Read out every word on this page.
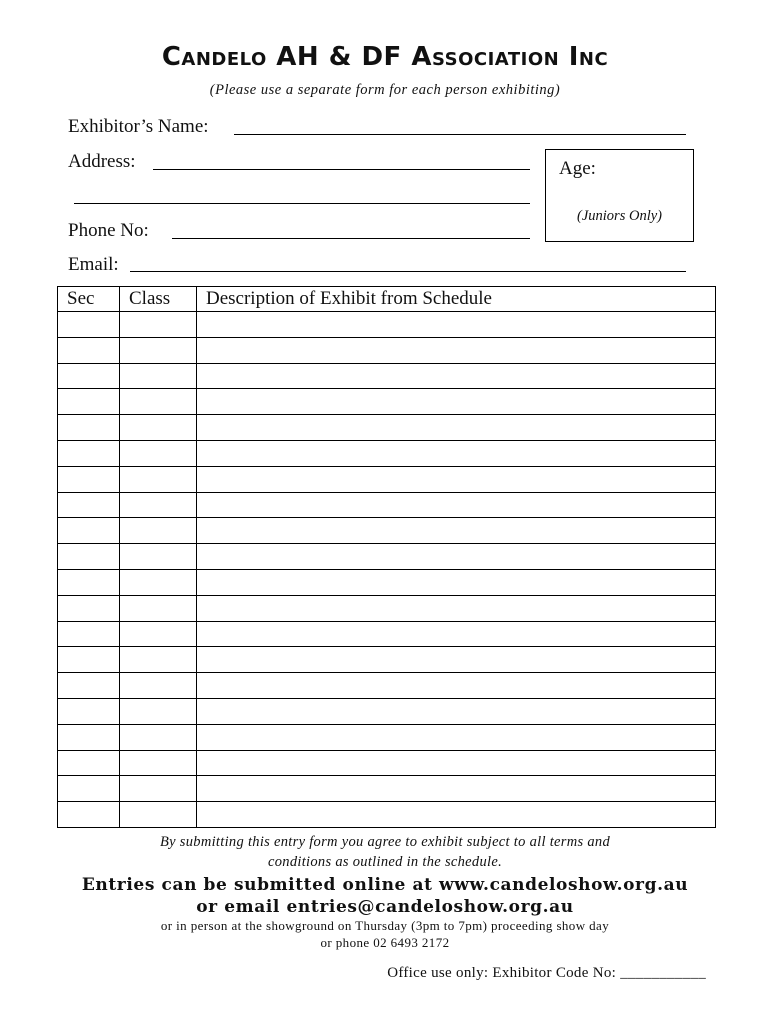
Candelo AH & DF Association Inc
(Please use a separate form for each person exhibiting)
Exhibitor’s Name:
Address:
Phone No:
Email:
Age:
(Juniors Only)
Sec	Class	Description of Exhibit from Schedule

By submitting this entry form you agree to exhibit subject to all terms and
conditions as outlined in the schedule.
Entries can be submitted online at www.candeloshow.org.au
or email entries@candeloshow.org.au
or in person at the showground on Thursday (3pm to 7pm) proceeding show day
or phone 02 6493 2172
Office use only: Exhibitor Code No: ___________
